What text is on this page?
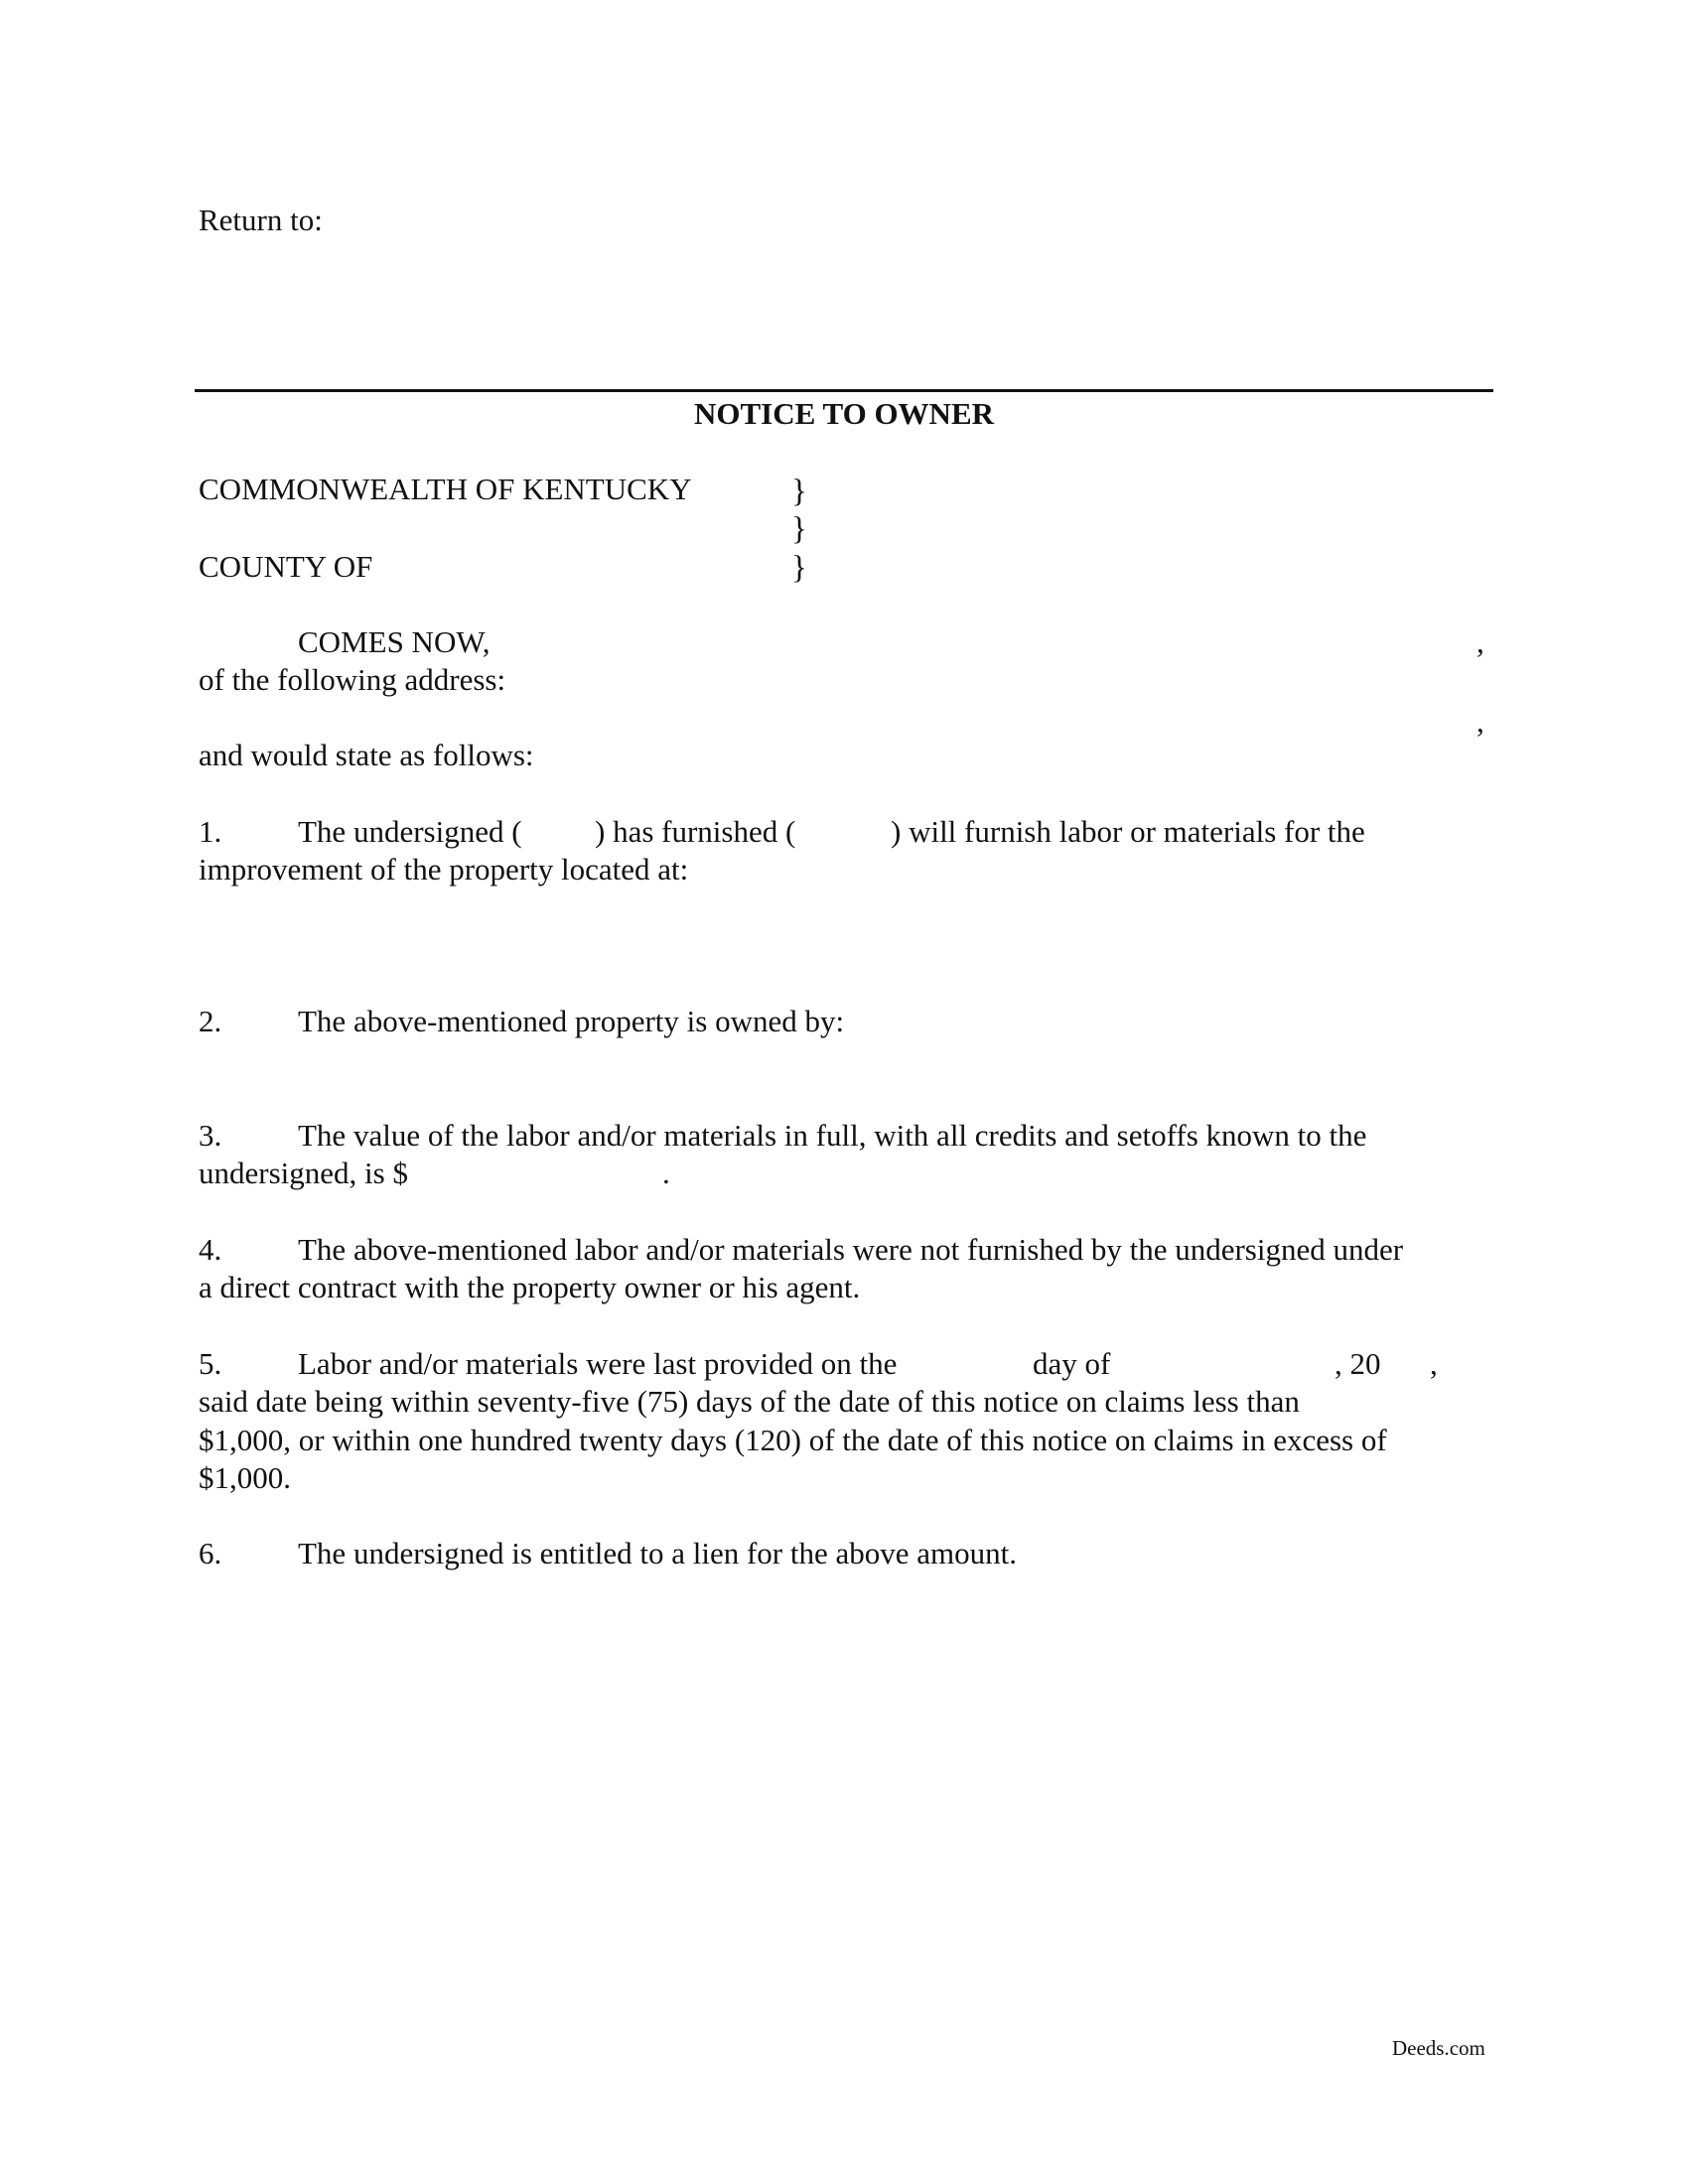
Return to:
NOTICE TO OWNER
COMMONWEALTH OF KENTUCKY	}
}
COUNTY OF	}
COMES NOW,	,
of the following address:
,
and would state as follows:
1. The undersigned ( ) has furnished (	) will furnish labor or materials for the
improvement of the property located at:
2. The above-mentioned property is owned by:
3. The value of the labor and/or materials in full, with all credits and setoffs known to the
undersigned, is $	.
4. The above-mentioned labor and/or materials were not furnished by the undersigned under
a direct contract with the property owner or his agent.
5. Labor and/or materials were last provided on the	day of	, 20 ,
said date being within seventy-five (75) days of the date of this notice on claims less than
$1,000, or within one hundred twenty days (120) of the date of this notice on claims in excess of
$1,000.
6. The undersigned is entitled to a lien for the above amount.
Deeds.com
